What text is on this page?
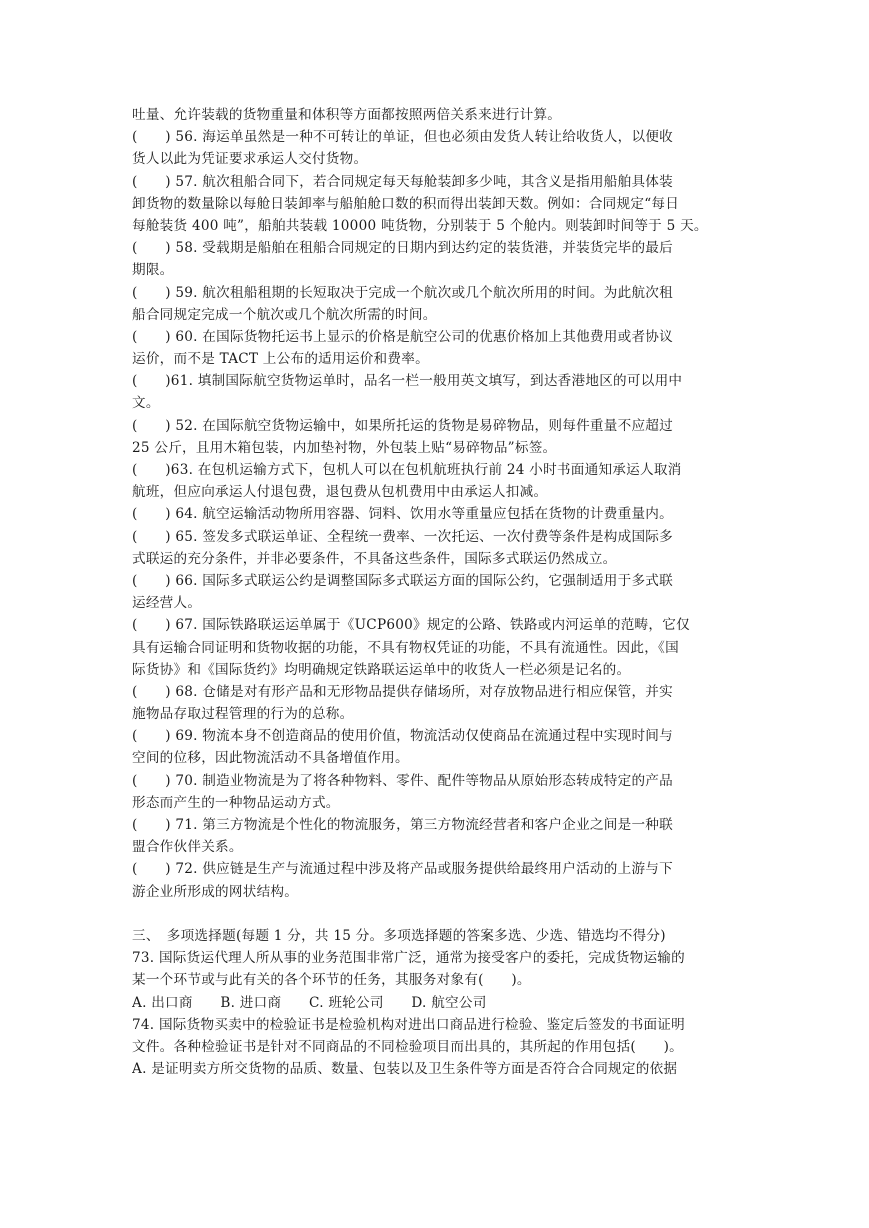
吐量、允许装载的货物重量和体积等方面都按照两倍关系来进行计算。
(　　) 56. 海运单虽然是一种不可转让的单证，但也必须由发货人转让给收货人，以便收
货人以此为凭证要求承运人交付货物。
(　　) 57. 航次租船合同下，若合同规定每天每舱装卸多少吨，其含义是指用船舶具体装
卸货物的数量除以每舱日装卸率与船舶舱口数的积而得出装卸天数。例如：合同规定“每日
每舱装货 400 吨”，船舶共装载 10000 吨货物，分别装于 5 个舱内。则装卸时间等于 5 天。
(　　) 58. 受载期是船舶在租船合同规定的日期内到达约定的装货港，并装货完毕的最后
期限。
(　　) 59. 航次租船租期的长短取决于完成一个航次或几个航次所用的时间。为此航次租
船合同规定完成一个航次或几个航次所需的时间。
(　　) 60. 在国际货物托运书上显示的价格是航空公司的优惠价格加上其他费用或者协议
运价，而不是 TACT 上公布的适用运价和费率。
(　　)61. 填制国际航空货物运单时，品名一栏一般用英文填写，到达香港地区的可以用中
文。
(　　) 52. 在国际航空货物运输中，如果所托运的货物是易碎物品，则每件重量不应超过
25 公斤，且用木箱包装，内加垫衬物，外包装上贴“易碎物品”标签。
(　　)63. 在包机运输方式下，包机人可以在包机航班执行前 24 小时书面通知承运人取消
航班，但应向承运人付退包费，退包费从包机费用中由承运人扣减。
(　　) 64. 航空运输活动物所用容器、饲料、饮用水等重量应包括在货物的计费重量内。
(　　) 65. 签发多式联运单证、全程统一费率、一次托运、一次付费等条件是构成国际多
式联运的充分条件，并非必要条件，不具备这些条件，国际多式联运仍然成立。
(　　) 66. 国际多式联运公约是调整国际多式联运方面的国际公约，它强制适用于多式联
运经营人。
(　　) 67. 国际铁路联运运单属于《UCP600》规定的公路、铁路或内河运单的范畴，它仅
具有运输合同证明和货物收据的功能，不具有物权凭证的功能，不具有流通性。因此，《国
际货协》和《国际货约》均明确规定铁路联运运单中的收货人一栏必须是记名的。
(　　) 68. 仓储是对有形产品和无形物品提供存储场所，对存放物品进行相应保管，并实
施物品存取过程管理的行为的总称。
(　　) 69. 物流本身不创造商品的使用价值，物流活动仅使商品在流通过程中实现时间与
空间的位移，因此物流活动不具备增值作用。
(　　) 70. 制造业物流是为了将各种物料、零件、配件等物品从原始形态转成特定的产品
形态而产生的一种物品运动方式。
(　　) 71. 第三方物流是个性化的物流服务，第三方物流经营者和客户企业之间是一种联
盟合作伙伴关系。
(　　) 72. 供应链是生产与流通过程中涉及将产品或服务提供给最终用户活动的上游与下
游企业所形成的网状结构。
三、　多项选择题(每题 1 分，共 15 分。多项选择题的答案多选、少选、错选均不得分)
73. 国际货运代理人所从事的业务范围非常广泛，通常为接受客户的委托，完成货物运输的
某一个环节或与此有关的各个环节的任务，其服务对象有(　　)。
A. 出口商　　B. 进口商　　C. 班轮公司　　D. 航空公司
74. 国际货物买卖中的检验证书是检验机构对进出口商品进行检验、鉴定后签发的书面证明
文件。各种检验证书是针对不同商品的不同检验项目而出具的，其所起的作用包括(　　)。
A. 是证明卖方所交货物的品质、数量、包装以及卫生条件等方面是否符合合同规定的依据
